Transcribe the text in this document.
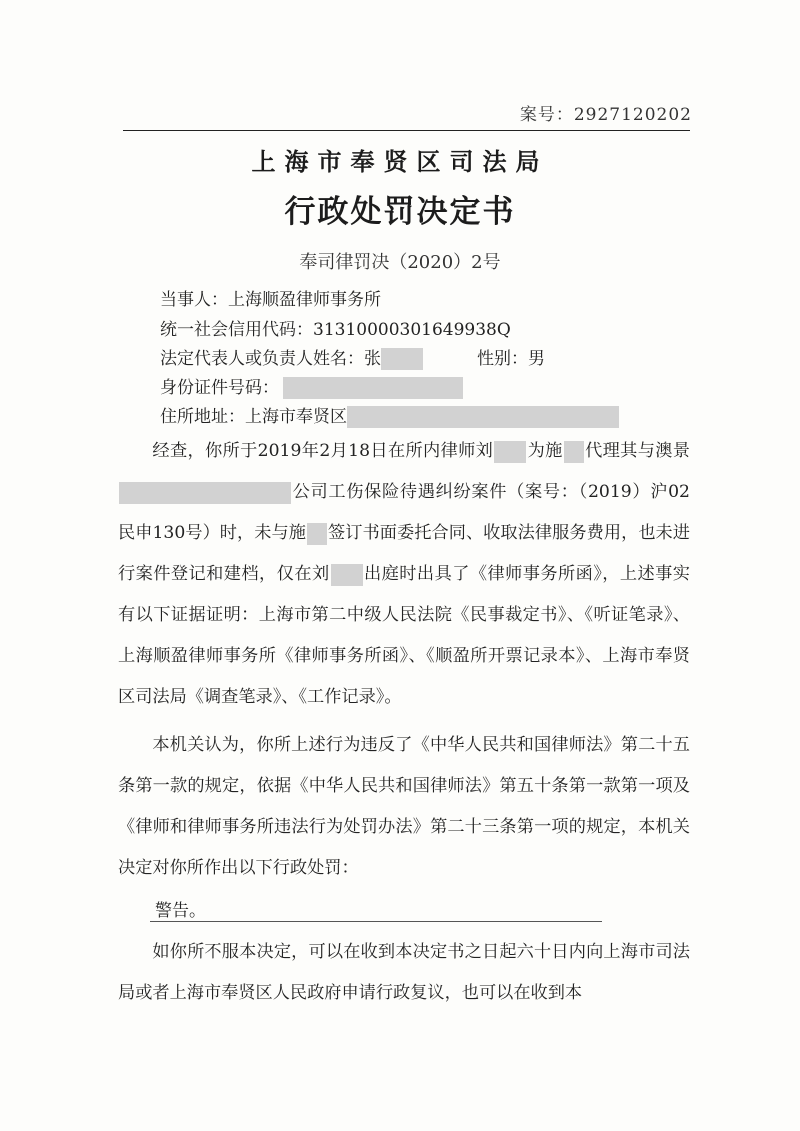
案号：2927120202
上海市奉贤区司法局
行政处罚决定书
奉司律罚决（2020）2号
当事人：上海顺盈律师事务所
统一社会信用代码：31310000301649938Q
法定代表人或负责人姓名：张	性别：男
身份证件号码：
住所地址：上海市奉贤区
经查，你所于2019年2月18日在所内律师刘 为施 代理其与澳景公司工伤保险待遇纠纷案件（案号：（2019）沪02民申130号）时，未与施 签订书面委托合同、收取法律服务费用，也未进行案件登记和建档，仅在刘 出庭时出具了《律师事务所函》，上述事实有以下证据证明：上海市第二中级人民法院《民事裁定书》、《听证笔录》、上海顺盈律师事务所《律师事务所函》、《顺盈所开票记录本》、上海市奉贤区司法局《调查笔录》、《工作记录》。
本机关认为，你所上述行为违反了《中华人民共和国律师法》第二十五条第一款的规定，依据《中华人民共和国律师法》第五十条第一款第一项及《律师和律师事务所违法行为处罚办法》第二十三条第一项的规定，本机关决定对你所作出以下行政处罚：
警告。
如你所不服本决定，可以在收到本决定书之日起六十日内向上海市司法局或者上海市奉贤区人民政府申请行政复议，也可以在收到本
